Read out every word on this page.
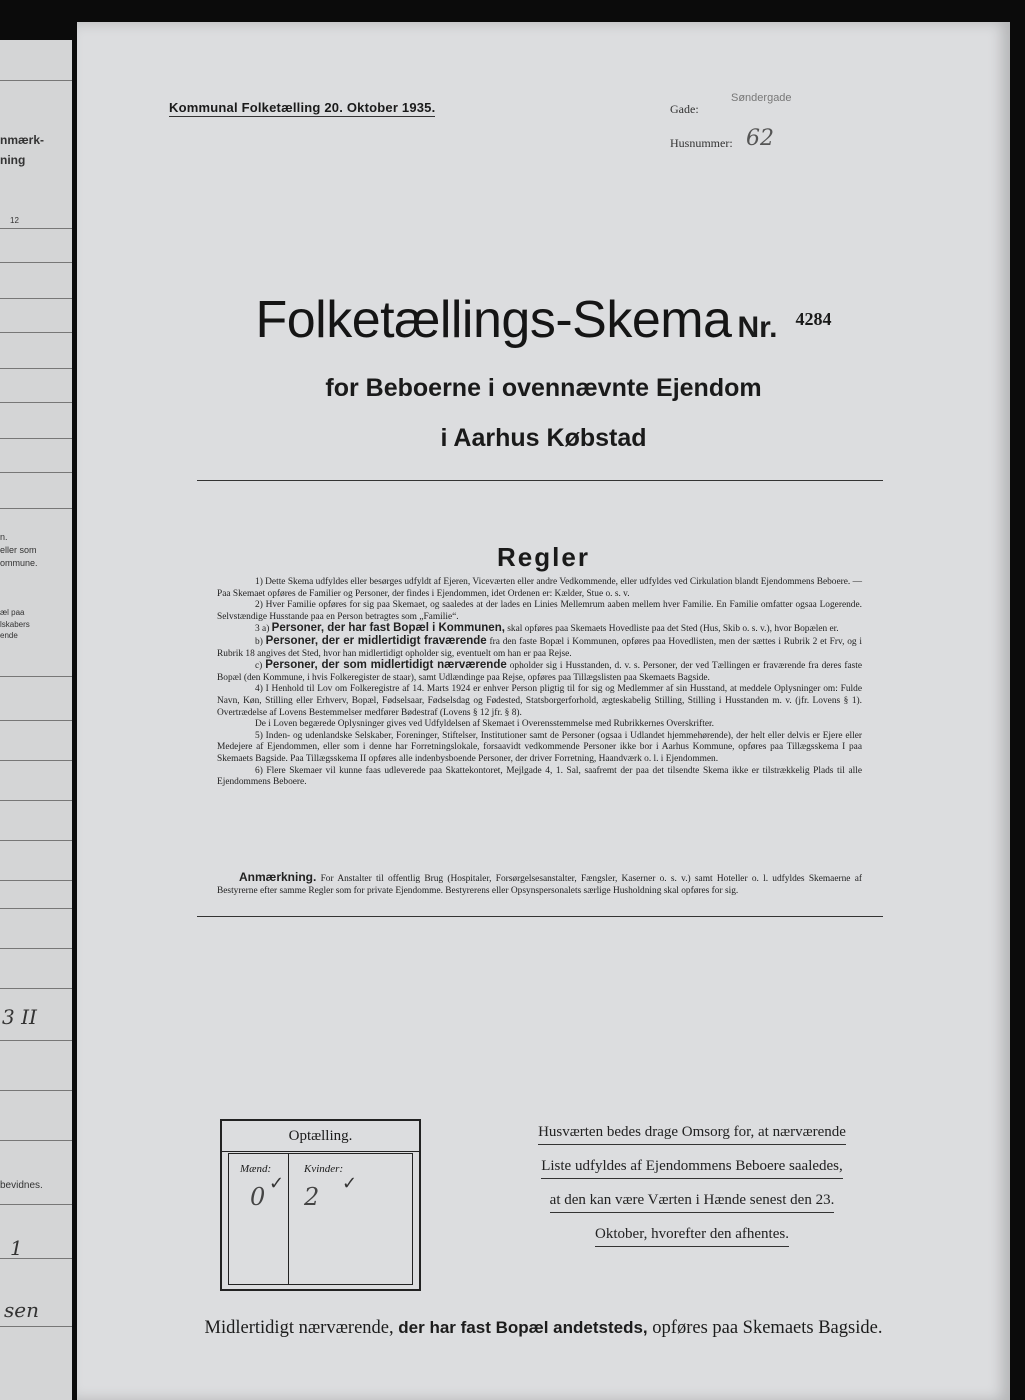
nmærk-
ning
12
n.
eller som
ommune.
æl paa
lskabers
ende
3 II
bevidnes.
1
sen
Kommunal Folketælling 20. Oktober 1935.	Gade:
Søndergade
Husnummer: 62
Folketællings-Skema Nr. 4284
for Beboerne i ovennævnte Ejendom
i Aarhus Købstad
Regler

1) Dette Skema udfyldes eller besørges udfyldt af Ejeren, Viceværten eller andre Vedkommende, eller udfyldes ved Cirkulation blandt Ejendommens Beboere. — Paa Skemaet opføres de Familier og Personer, der findes i Ejendommen, idet Ordenen er: Kælder, Stue o. s. v.

2) Hver Familie opføres for sig paa Skemaet, og saaledes at der lades en Linies Mellemrum aaben mellem hver Familie. En Familie omfatter ogsaa Logerende. Selvstændige Husstande paa en Person betragtes som „Familie“.

3 a) Personer, der har fast Bopæl i Kommunen, skal opføres paa Skemaets Hovedliste paa det Sted (Hus, Skib o. s. v.), hvor Bopælen er.

b) Personer, der er midlertidigt fraværende fra den faste Bopæl i Kommunen, opføres paa Hovedlisten, men der sættes i Rubrik 2 et Frv, og i Rubrik 18 angives det Sted, hvor han midlertidigt opholder sig, eventuelt om han er paa Rejse.

c) Personer, der som midlertidigt nærværende opholder sig i Husstanden, d. v. s. Personer, der ved Tællingen er fraværende fra deres faste Bopæl (den Kommune, i hvis Folkeregister de staar), samt Udlændinge paa Rejse, opføres paa Tillægslisten paa Skemaets Bagside.

4) I Henhold til Lov om Folkeregistre af 14. Marts 1924 er enhver Person pligtig til for sig og Medlemmer af sin Husstand, at meddele Oplysninger om: Fulde Navn, Køn, Stilling eller Erhverv, Bopæl, Fødselsaar, Fødselsdag og Fødested, Statsborgerforhold, ægteskabelig Stilling, Stilling i Husstanden m. v. (jfr. Lovens § 1). Overtrædelse af Lovens Bestemmelser medfører Bødestraf (Lovens § 12 jfr. § 8).

De i Loven begærede Oplysninger gives ved Udfyldelsen af Skemaet i Overensstemmelse med Rubrikkernes Overskrifter.

5) Inden- og udenlandske Selskaber, Foreninger, Stiftelser, Institutioner samt de Personer (ogsaa i Udlandet hjemmehørende), der helt eller delvis er Ejere eller Medejere af Ejendommen, eller som i denne har Forretningslokale, forsaavidt vedkommende Personer ikke bor i Aarhus Kommune, opføres paa Tillægsskema I paa Skemaets Bagside. Paa Tillægsskema II opføres alle indenbysboende Personer, der driver Forretning, Haandværk o. l. i Ejendommen.

6) Flere Skemaer vil kunne faas udleverede paa Skattekontoret, Mejlgade 4, 1. Sal, saafremt der paa det tilsendte Skema ikke er tilstrækkelig Plads til alle Ejendommens Beboere.

Anmærkning. For Anstalter til offentlig Brug (Hospitaler, Forsørgelsesanstalter, Fængsler, Kaserner o. s. v.) samt Hoteller o. l. udfyldes Skemaerne af Bestyrerne efter samme Regler som for private Ejendomme. Bestyrerens eller Opsynspersonalets særlige Husholdning skal opføres for sig.

Optælling.
Mænd:	Kvinder:
0 ✓ 2 ✓
Husværten bedes drage Omsorg for, at nærværende Liste udfyldes af Ejendommens Beboere saaledes, at den kan være Værten i Hænde senest den 23. Oktober, hvorefter den afhentes.
Midlertidigt nærværende, der har fast Bopæl andetsteds, opføres paa Skemaets Bagside.
